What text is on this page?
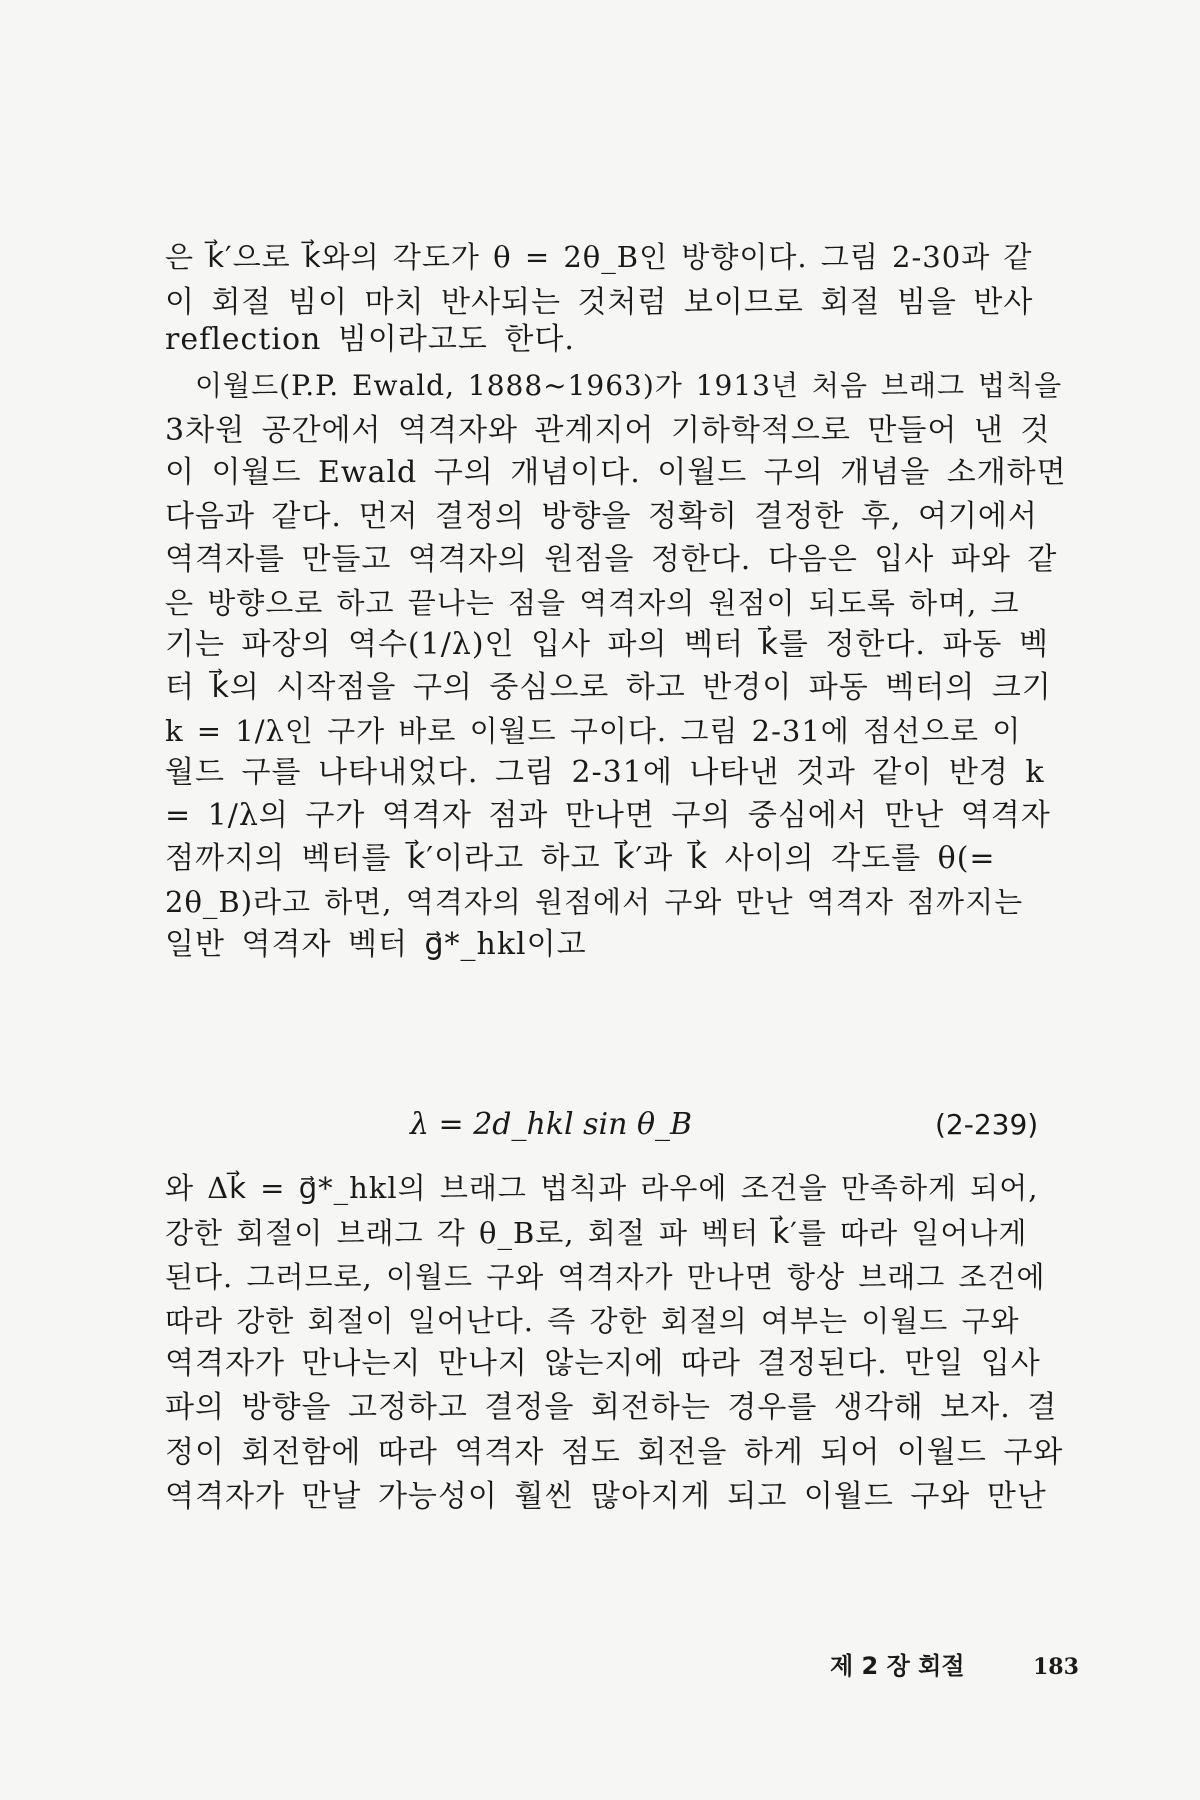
은 k⃗′으로 k⃗와의 각도가 θ = 2θ_B인 방향이다. 그림 2-30과 같
이 회절 빔이 마치 반사되는 것처럼 보이므로 회절 빔을 반사
reflection 빔이라고도 한다.
이월드(P.P. Ewald, 1888~1963)가 1913년 처음 브래그 법칙을
3차원 공간에서 역격자와 관계지어 기하학적으로 만들어 낸 것
이 이월드 Ewald 구의 개념이다. 이월드 구의 개념을 소개하면
다음과 같다. 먼저 결정의 방향을 정확히 결정한 후, 여기에서
역격자를 만들고 역격자의 원점을 정한다. 다음은 입사 파와 같
은 방향으로 하고 끝나는 점을 역격자의 원점이 되도록 하며, 크
기는 파장의 역수(1/λ)인 입사 파의 벡터 k⃗를 정한다. 파동 벡
터 k⃗의 시작점을 구의 중심으로 하고 반경이 파동 벡터의 크기
k = 1/λ인 구가 바로 이월드 구이다. 그림 2-31에 점선으로 이
월드 구를 나타내었다. 그림 2-31에 나타낸 것과 같이 반경 k
= 1/λ의 구가 역격자 점과 만나면 구의 중심에서 만난 역격자
점까지의 벡터를 k⃗′이라고 하고 k⃗′과 k⃗ 사이의 각도를 θ(=
2θ_B)라고 하면, 역격자의 원점에서 구와 만난 역격자 점까지는
일반 역격자 벡터 g⃗*_hkl이고
λ = 2d_hkl sin θ_B	(2-239)
와 Δk⃗ = g⃗*_hkl의 브래그 법칙과 라우에 조건을 만족하게 되어,
강한 회절이 브래그 각 θ_B로, 회절 파 벡터 k⃗′를 따라 일어나게
된다. 그러므로, 이월드 구와 역격자가 만나면 항상 브래그 조건에
따라 강한 회절이 일어난다. 즉 강한 회절의 여부는 이월드 구와
역격자가 만나는지 만나지 않는지에 따라 결정된다. 만일 입사
파의 방향을 고정하고 결정을 회전하는 경우를 생각해 보자. 결
정이 회전함에 따라 역격자 점도 회전을 하게 되어 이월드 구와
역격자가 만날 가능성이 훨씬 많아지게 되고 이월드 구와 만난
제 2 장 회절	183
